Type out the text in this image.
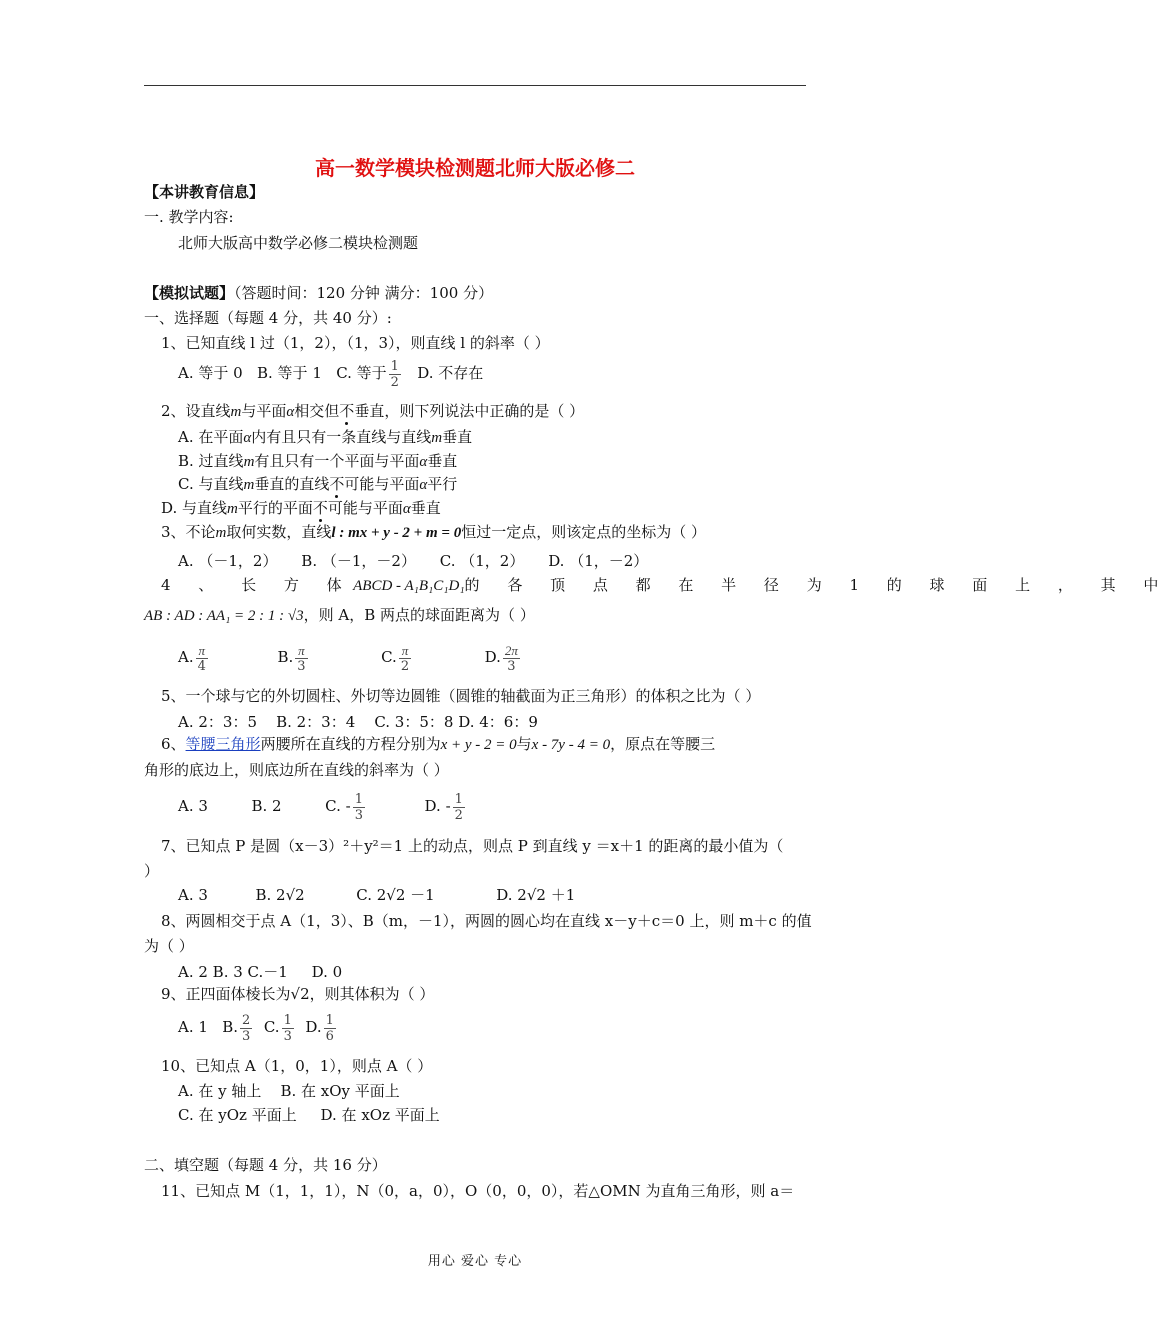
高一数学模块检测题北师大版必修二
【本讲教育信息】
一. 教学内容:
北师大版高中数学必修二模块检测题
【模拟试题】（答题时间：120 分钟 满分：100 分）
一、选择题（每题 4 分，共 40 分）:
1、已知直线 l 过（1，2），（1，3），则直线 l 的斜率（ ）
A. 等于 0 B. 等于 1 C. 等于 $\frac{1}{2} D$. 不存在
2、设直线m与平面α相交但不垂直，则下列说法中正确的是（ ）
A. 在平面α内有且只有一条直线与直线m垂直
B. 过直线m有且只有一个平面与平面α垂直
C. 与直线m垂直的直线不可能与平面α平行
D. 与直线m平行的平面不可能与平面α垂直
3、不论m取何实数，直线l : mx + y - 2 + m = 0恒过一定点，则该定点的坐标为（ ）
A. （－1，2）     B. （－1，－2）     C. （1，2）     D. （1，－2）
4 、 长 方 体ABCD - A₁B₁C₁D₁的 各 顶 点 都 在 半 径 为 1 的 球 面 上 ， 其 中
AB : AD : AA₁ = 2 : 1 : √3，则 A，B 两点的球面距离为（ ）
A. $\frac{\pi}{4}$	B. $\frac{\pi}{3}$	C. $\frac{\pi}{2}$	D. $\frac{2\pi}{3}$
5、一个球与它的外切圆柱、外切等边圆锥（圆锥的轴截面为正三角形）的体积之比为（ ）
A. 2：3：5    B. 2：3：4    C. 3：5：8 D. 4：6：9
6、等腰三角形两腰所在直线的方程分别为x + y - 2 = 0与x - 7y - 4 = 0，原点在等腰三
角形的底边上，则底边所在直线的斜率为（ ）
A. 3	B. 2	C. - $\frac{1}{3}$	D. - $\frac{1}{2}$
7、已知点 P 是圆（x－3）²＋y²＝1 上的动点，则点 P 到直线 y ＝x＋1 的距离的最小值为（
）
A. 3	B. 2√2	C. 2√2 －1	D. 2√2 ＋1
8、两圆相交于点 A（1，3）、B（m，－1），两圆的圆心均在直线 x－y＋c＝0 上，则 m＋c 的值
为（ ）
A. 2 B. 3 C.－1     D. 0
9、正四面体棱长为√2，则其体积为（ ）
A. 1 B. $\frac{2}{3} C$. $\frac{1}{3} D$. $\frac{1}{6}$
10、已知点 A（1，0，1），则点 A（ ）
A. 在 y 轴上    B. 在 xOy 平面上
C. 在 yOz 平面上     D. 在 xOz 平面上
二、填空题（每题 4 分，共 16 分）
11、已知点 M（1，1，1），N（0，a，0），O（0，0，0），若△OMN 为直角三角形，则 a＝
用心 爱心 专心
